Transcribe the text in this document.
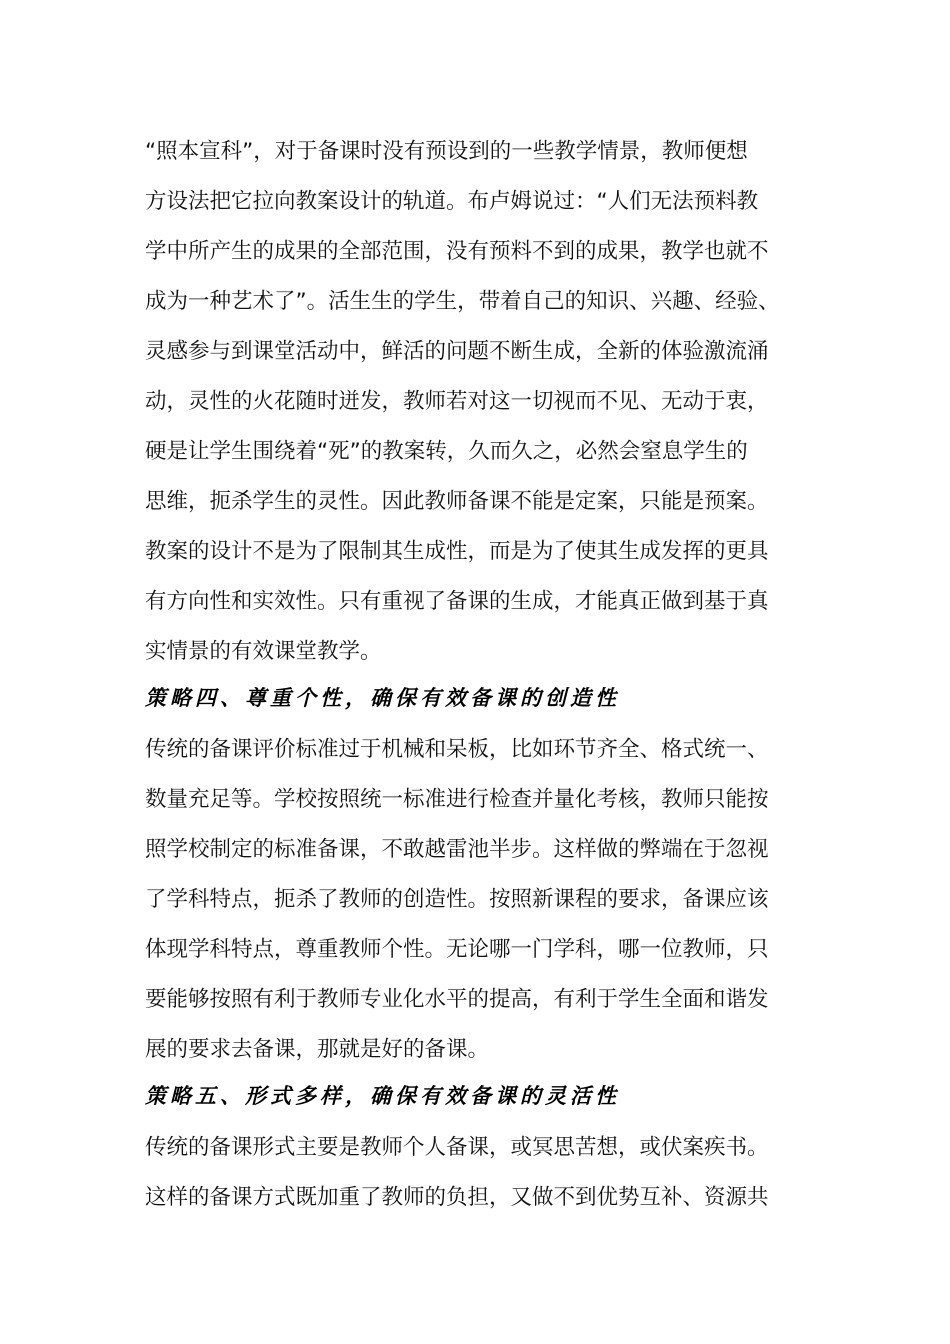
“照本宣科”，对于备课时没有预设到的一些教学情景，教师便想
方设法把它拉向教案设计的轨道。布卢姆说过：“人们无法预料教
学中所产生的成果的全部范围，没有预料不到的成果，教学也就不
成为一种艺术了”。活生生的学生，带着自己的知识、兴趣、经验、
灵感参与到课堂活动中，鲜活的问题不断生成，全新的体验激流涌
动，灵性的火花随时迸发，教师若对这一切视而不见、无动于衷，
硬是让学生围绕着“死”的教案转，久而久之，必然会窒息学生的
思维，扼杀学生的灵性。因此教师备课不能是定案，只能是预案。
教案的设计不是为了限制其生成性，而是为了使其生成发挥的更具
有方向性和实效性。只有重视了备课的生成，才能真正做到基于真
实情景的有效课堂教学。
策略四、尊重个性，确保有效备课的创造性
传统的备课评价标准过于机械和呆板，比如环节齐全、格式统一、
数量充足等。学校按照统一标准进行检查并量化考核，教师只能按
照学校制定的标准备课，不敢越雷池半步。这样做的弊端在于忽视
了学科特点，扼杀了教师的创造性。按照新课程的要求，备课应该
体现学科特点，尊重教师个性。无论哪一门学科，哪一位教师，只
要能够按照有利于教师专业化水平的提高，有利于学生全面和谐发
展的要求去备课，那就是好的备课。
策略五、形式多样，确保有效备课的灵活性
传统的备课形式主要是教师个人备课，或冥思苦想，或伏案疾书。
这样的备课方式既加重了教师的负担，又做不到优势互补、资源共
